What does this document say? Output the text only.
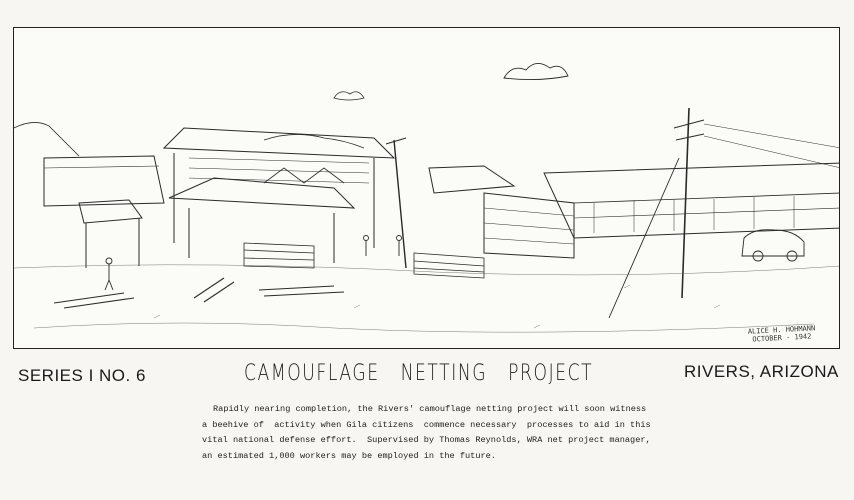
ALICE H. HOHMANN
OCTOBER - 1942
SERIES I NO. 6	CAMOUFLAGE   NETTING   PROJECT	RIVERS, ARIZONA
Rapidly nearing completion, the Rivers' camouflage netting project will soon witness
a beehive of  activity when Gila citizens  commence necessary  processes to aid in this
vital national defense effort.  Supervised by Thomas Reynolds, WRA net project manager,
an estimated 1,000 workers may be employed in the future.
